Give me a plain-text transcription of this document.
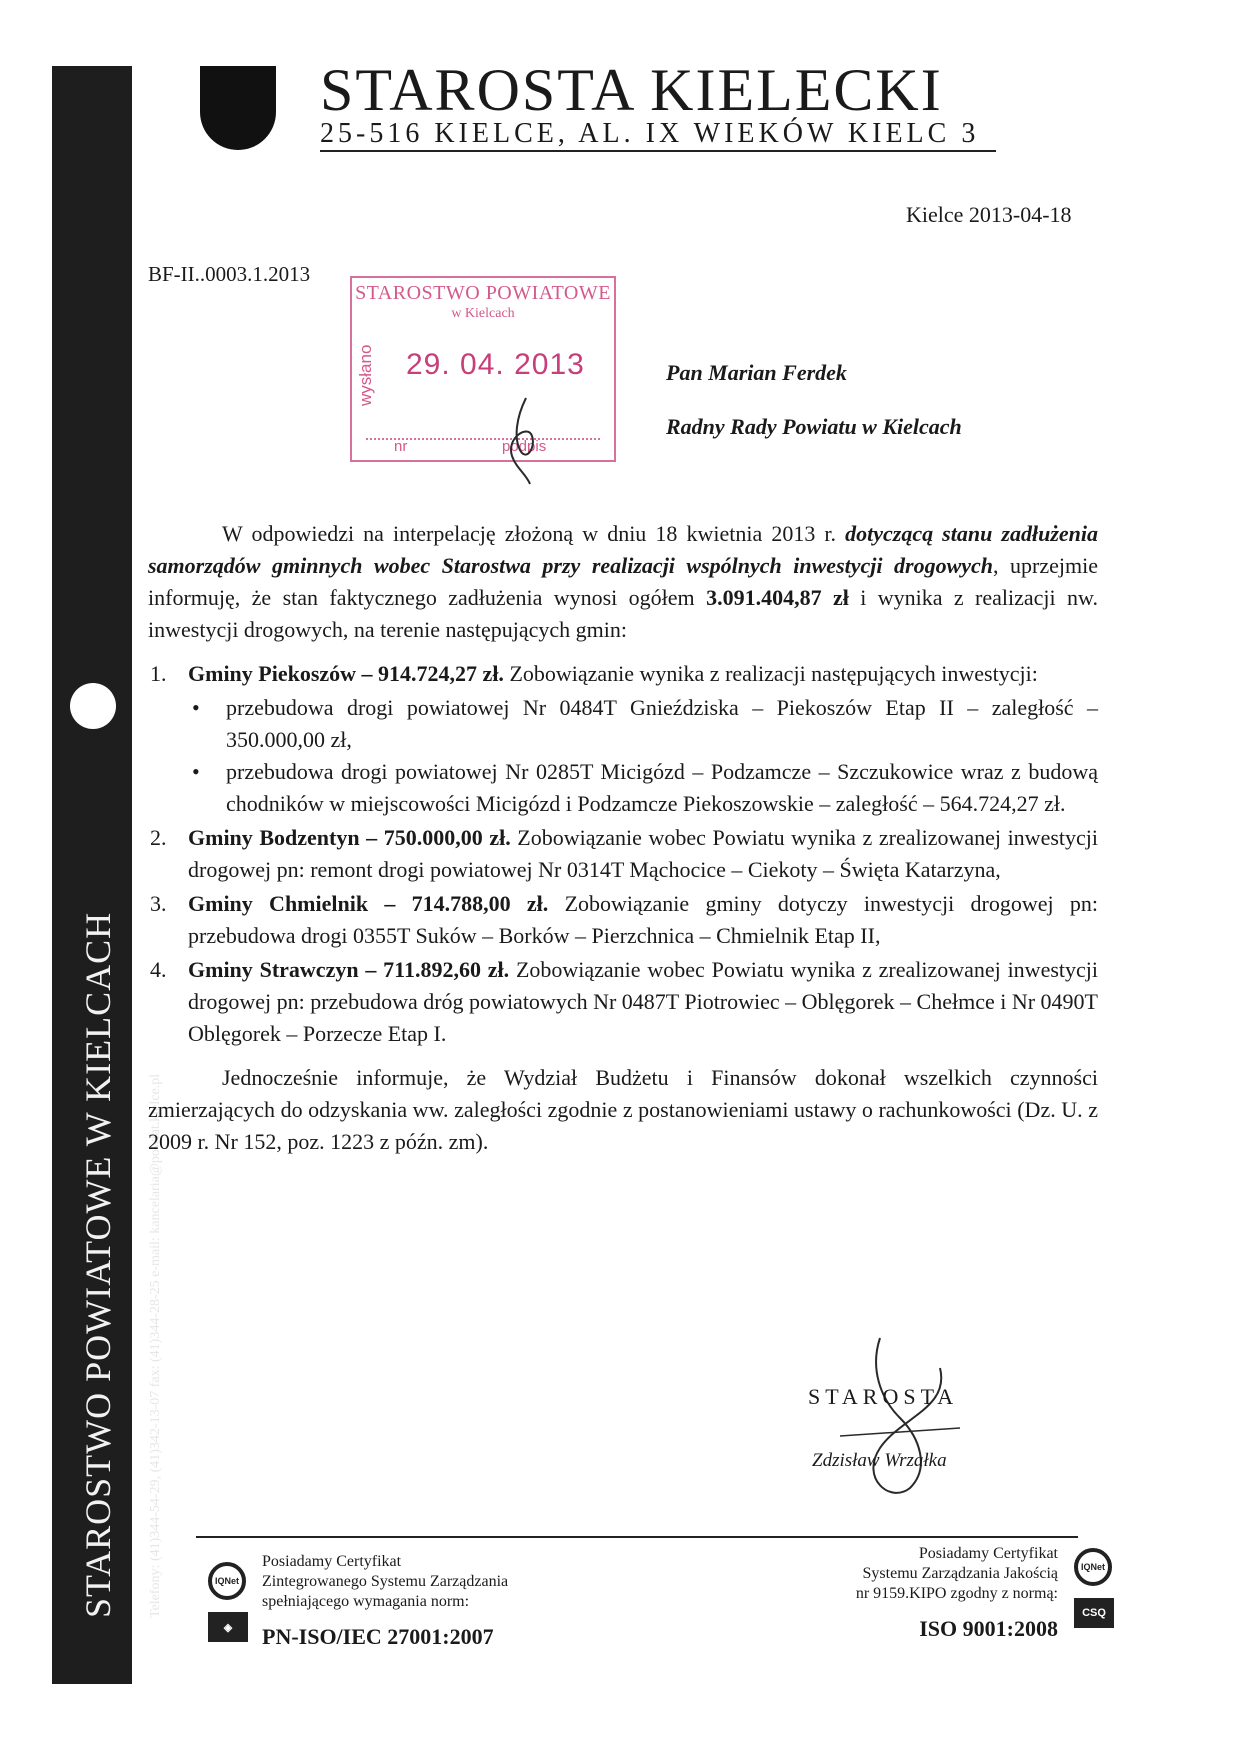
STAROSTWO POWIATOWE W KIELCACH Telefony: (41)344-54-29, (41)342-13-07 fax: (41)344-28-25 e-mail: kancelaria@powiat.kielce.pl
STAROSTA KIELECKI
25-516 KIELCE, AL. IX WIEKÓW KIELC 3
Kielce 2013-04-18
BF-II..0003.1.2013
STAROSTWO POWIATOWE
w Kielcach
wysłano 29. 04. 2013
nr	podpis
Pan Marian Ferdek
Radny Rady Powiatu w Kielcach

W odpowiedzi na interpelację złożoną w dniu 18 kwietnia 2013 r. dotyczącą stanu zadłużenia samorządów gminnych wobec Starostwa przy realizacji wspólnych inwestycji drogowych, uprzejmie informuję, że stan faktycznego zadłużenia wynosi ogółem 3.091.404,87 zł i wynika z realizacji nw. inwestycji drogowych, na terenie następujących gmin:

1. Gminy Piekoszów – 914.724,27 zł. Zobowiązanie wynika z realizacji następujących inwestycji:
• przebudowa drogi powiatowej Nr 0484T Gnieździska – Piekoszów Etap II – zaległość – 350.000,00 zł,
• przebudowa drogi powiatowej Nr 0285T Micigózd – Podzamcze – Szczukowice wraz z budową chodników w miejscowości Micigózd i Podzamcze Piekoszowskie – zaległość – 564.724,27 zł.
2. Gminy Bodzentyn – 750.000,00 zł. Zobowiązanie wobec Powiatu wynika z zrealizowanej inwestycji drogowej pn: remont drogi powiatowej Nr 0314T Mąchocice – Ciekoty – Święta Katarzyna,
3. Gminy Chmielnik – 714.788,00 zł. Zobowiązanie gminy dotyczy inwestycji drogowej pn: przebudowa drogi 0355T Suków – Borków – Pierzchnica – Chmielnik Etap II,
4. Gminy Strawczyn – 711.892,60 zł. Zobowiązanie wobec Powiatu wynika z zrealizowanej inwestycji drogowej pn: przebudowa dróg powiatowych Nr 0487T Piotrowiec – Oblęgorek – Chełmce i Nr 0490T Oblęgorek – Porzecze Etap I.

Jednocześnie informuje, że Wydział Budżetu i Finansów dokonał wszelkich czynności zmierzających do odzyskania ww. zaległości zgodnie z postanowieniami ustawy o rachunkowości (Dz. U. z 2009 r. Nr 152, poz. 1223 z późn. zm).

STAROSTA
Zdzisław Wrzałka
IQNet
◈
Posiadamy Certyfikat
Zintegrowanego Systemu Zarządzania
spełniającego wymagania norm:
PN-ISO/IEC 27001:2007
Posiadamy Certyfikat
Systemu Zarządzania Jakością
nr 9159.KIPO zgodny z normą:
ISO 9001:2008
IQNet
CSQ
